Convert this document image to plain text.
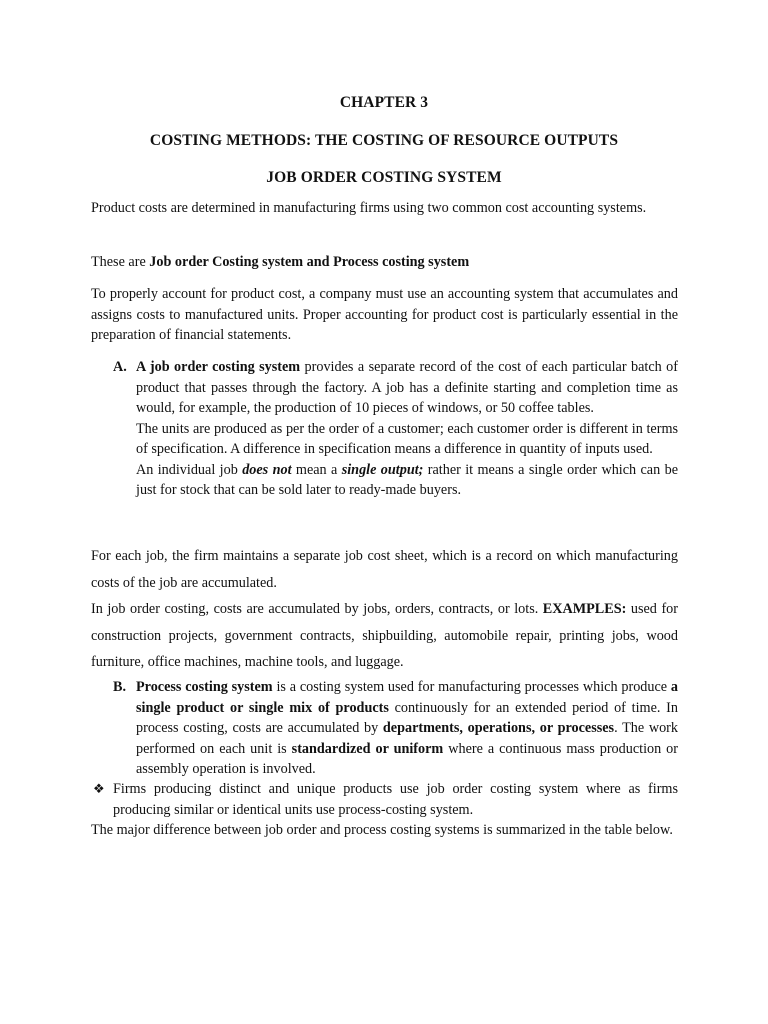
CHAPTER 3
COSTING METHODS: THE COSTING OF RESOURCE OUTPUTS
JOB ORDER COSTING SYSTEM
Product costs are determined in manufacturing firms using two common cost accounting systems.
These are Job order Costing system and Process costing system
To properly account for product cost, a company must use an accounting system that accumulates and assigns costs to manufactured units. Proper accounting for product cost is particularly essential in the preparation of financial statements.
A. A job order costing system provides a separate record of the cost of each particular batch of product that passes through the factory. A job has a definite starting and completion time as would, for example, the production of 10 pieces of windows, or 50 coffee tables.
The units are produced as per the order of a customer; each customer order is different in terms of specification. A difference in specification means a difference in quantity of inputs used.
An individual job does not mean a single output; rather it means a single order which can be just for stock that can be sold later to ready-made buyers.
For each job, the firm maintains a separate job cost sheet, which is a record on which manufacturing costs of the job are accumulated.
In job order costing, costs are accumulated by jobs, orders, contracts, or lots. EXAMPLES: used for construction projects, government contracts, shipbuilding, automobile repair, printing jobs, wood furniture, office machines, machine tools, and luggage.
B. Process costing system is a costing system used for manufacturing processes which produce a single product or single mix of products continuously for an extended period of time. In process costing, costs are accumulated by departments, operations, or processes. The work performed on each unit is standardized or uniform where a continuous mass production or assembly operation is involved.
❖ Firms producing distinct and unique products use job order costing system where as firms producing similar or identical units use process-costing system.
The major difference between job order and process costing systems is summarized in the table below.
